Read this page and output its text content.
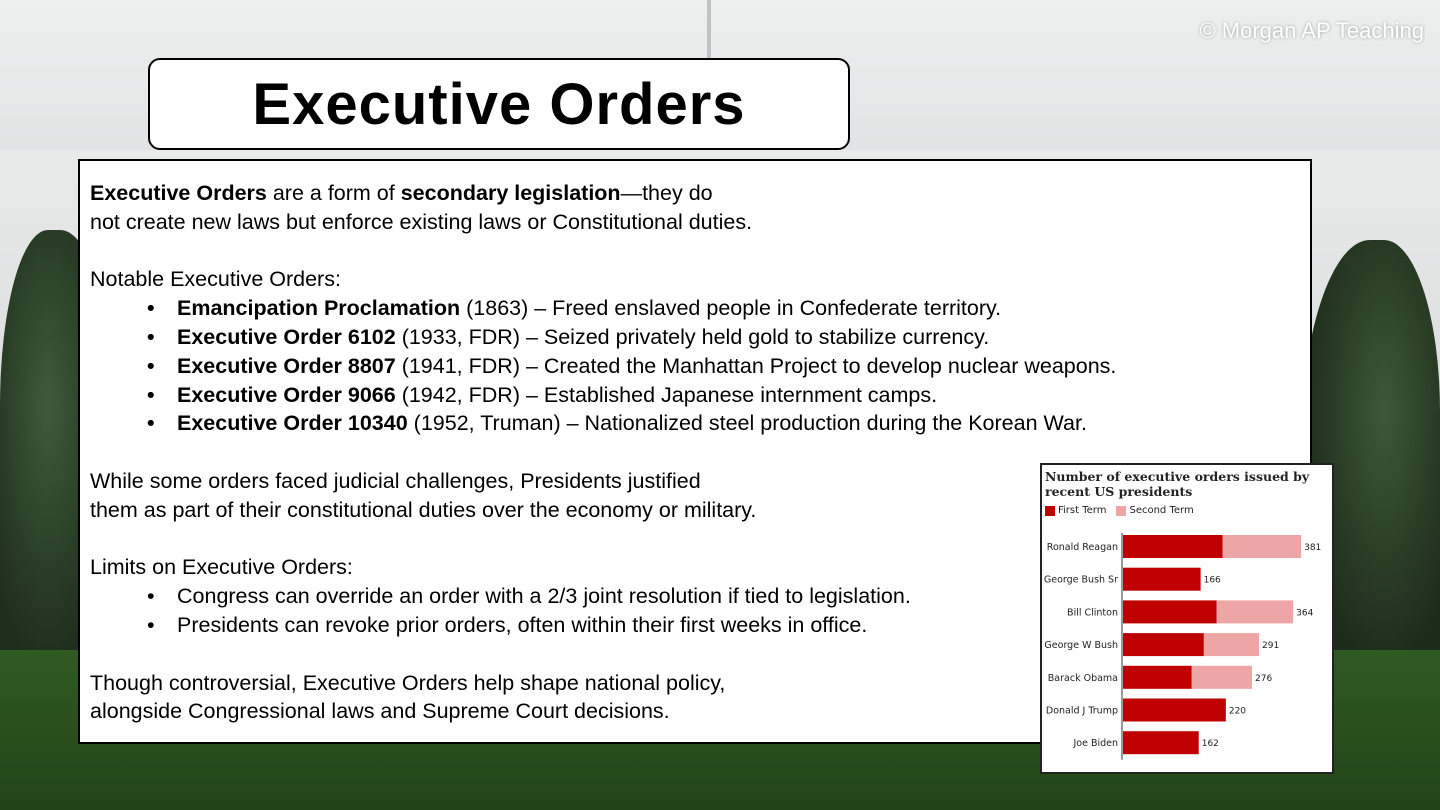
© Morgan AP Teaching
Executive Orders

Executive Orders are a form of secondary legislation—they do

not create new laws but enforce existing laws or Constitutional duties.

Notable Executive Orders:

• Emancipation Proclamation (1863) – Freed enslaved people in Confederate territory.
• Executive Order 6102 (1933, FDR) – Seized privately held gold to stabilize currency.
• Executive Order 8807 (1941, FDR) – Created the Manhattan Project to develop nuclear weapons.
• Executive Order 9066 (1942, FDR) – Established Japanese internment camps.
• Executive Order 10340 (1952, Truman) – Nationalized steel production during the Korean War.

While some orders faced judicial challenges, Presidents justified

them as part of their constitutional duties over the economy or military.

Limits on Executive Orders:

• Congress can override an order with a 2/3 joint resolution if tied to legislation.
• Presidents can revoke prior orders, often within their first weeks in office.

Though controversial, Executive Orders help shape national policy,

alongside Congressional laws and Supreme Court decisions.

Number of executive orders issued by recent US presidents
First Term Second Term
Ronald Reagan	381
George Bush Sr	166
Bill Clinton	364
George W Bush	291
Barack Obama	276
Donald J Trump	220
Joe Biden	162
